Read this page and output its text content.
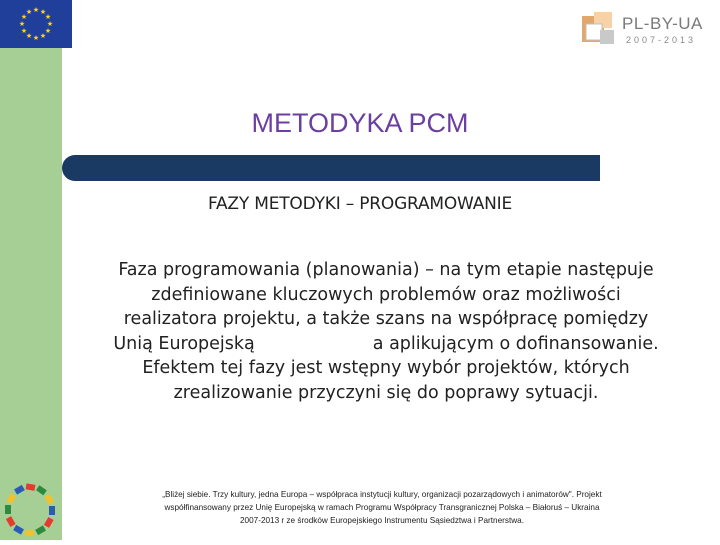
★ ★
★
★
★
★
★
★
★
★
★
★
PL-BY-UA
2007-2013
METODYKA PCM
FAZY METODYKI – PROGRAMOWANIE

Faza programowania (planowania) – na tym etapie następuje

zdefiniowane kluczowych problemów oraz możliwości

realizatora projektu, a także szans na współpracę pomiędzy

Unią Europejską	a aplikującym o dofinansowanie.

Efektem tej fazy jest wstępny wybór projektów, których

zrealizowanie przyczyni się do poprawy sytuacji.

„Bliżej siebie. Trzy kultury, jedna Europa – współpraca instytucji kultury, organizacji pozarządowych i animatorów". Projekt

współfinansowany przez Unię Europejską w ramach Programu Współpracy Transgranicznej Polska – Białoruś – Ukraina

2007-2013 r ze środków Europejskiego Instrumentu Sąsiedztwa i Partnerstwa.
